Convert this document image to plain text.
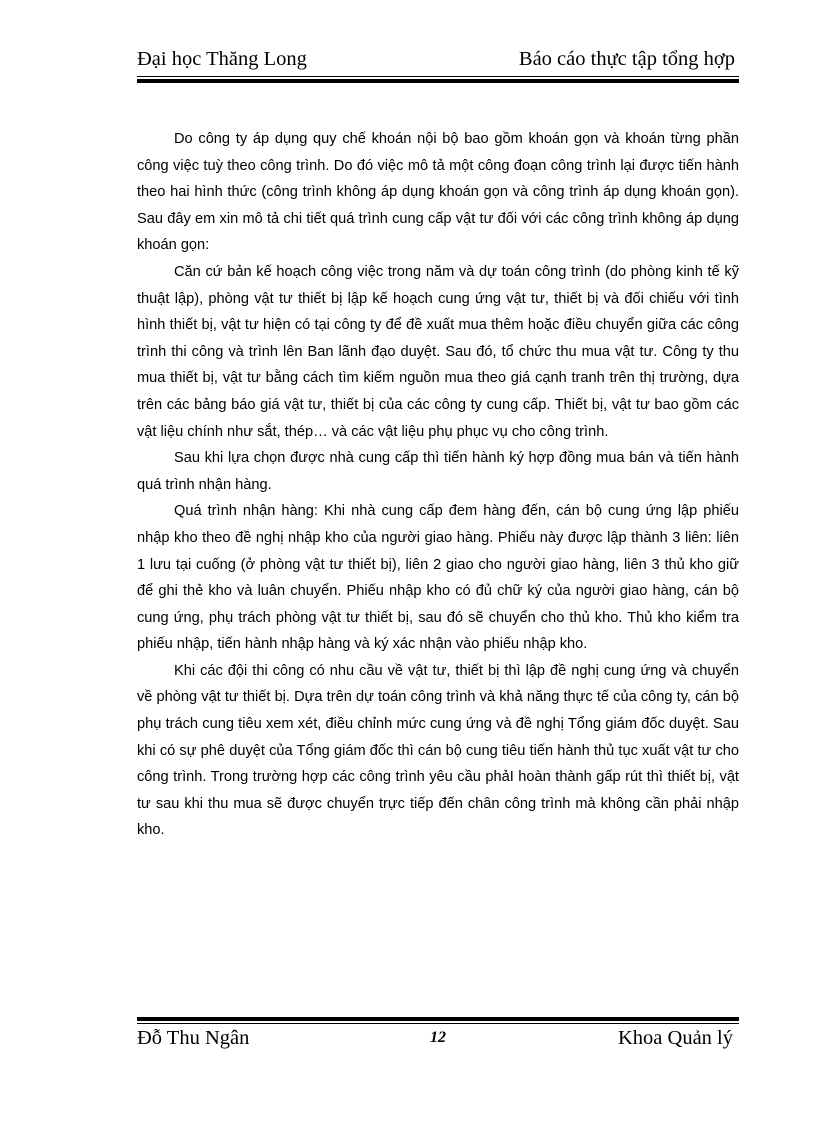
Đại học Thăng Long	Báo cáo thực tập tổng hợp

Do công ty áp dụng quy chế khoán nội bộ bao gồm khoán gọn và khoán từng phần công việc tuỳ theo công trình. Do đó việc mô tả một công đoạn công trình lại được tiến hành theo hai hình thức (công trình không áp dụng khoán gọn và công trình áp dụng khoán gọn). Sau đây em xin mô tả chi tiết quá trình cung cấp vật tư đối với các công trình không áp dụng khoán gọn:

Căn cứ bản kế hoạch công việc trong năm và dự toán công trình (do phòng kinh tế kỹ thuật lập), phòng vật tư thiết bị lập kế hoạch cung ứng vật tư, thiết bị và đối chiếu với tình hình thiết bị, vật tư hiện có tại công ty để đề xuất mua thêm hoặc điều chuyển giữa các công trình thi công và trình lên Ban lãnh đạo duyệt. Sau đó, tổ chức thu mua vật tư. Công ty thu mua thiết bị, vật tư bằng cách tìm kiếm nguồn mua theo giá cạnh tranh trên thị trường, dựa trên các bảng báo giá vật tư, thiết bị của các công ty cung cấp. Thiết bị, vật tư bao gồm các vật liệu chính như sắt, thép… và các vật liệu phụ phục vụ cho công trình.

Sau khi lựa chọn được nhà cung cấp thì tiến hành ký hợp đồng mua bán và tiến hành quá trình nhận hàng.

Quá trình nhận hàng: Khi nhà cung cấp đem hàng đến, cán bộ cung ứng lập phiếu nhập kho theo đề nghị nhập kho của người giao hàng. Phiếu này được lập thành 3 liên: liên 1 lưu tại cuống (ở phòng vật tư thiết bị), liên 2 giao cho người giao hàng, liên 3 thủ kho giữ để ghi thẻ kho và luân chuyển. Phiếu nhập kho có đủ chữ ký của người giao hàng, cán bộ cung ứng, phụ trách phòng vật tư thiết bị, sau đó sẽ chuyển cho thủ kho. Thủ kho kiểm tra phiếu nhập, tiến hành nhập hàng và ký xác nhận vào phiếu nhập kho.

Khi các đội thi công có nhu cầu về vật tư, thiết bị thì lập đề nghị cung ứng và chuyển về phòng vật tư thiết bị. Dựa trên dự toán công trình và khả năng thực tế của công ty, cán bộ phụ trách cung tiêu xem xét, điều chỉnh mức cung ứng và đề nghị Tổng giám đốc duyệt. Sau khi có sự phê duyệt của Tổng giám đốc thì cán bộ cung tiêu tiến hành thủ tục xuất vật tư cho công trình. Trong trường hợp các công trình yêu cầu phảI hoàn thành gấp rút thì thiết bị, vật tư sau khi thu mua sẽ được chuyển trực tiếp đến chân công trình mà không cần phải nhập kho.

Đỗ Thu Ngân	12	Khoa Quản lý
